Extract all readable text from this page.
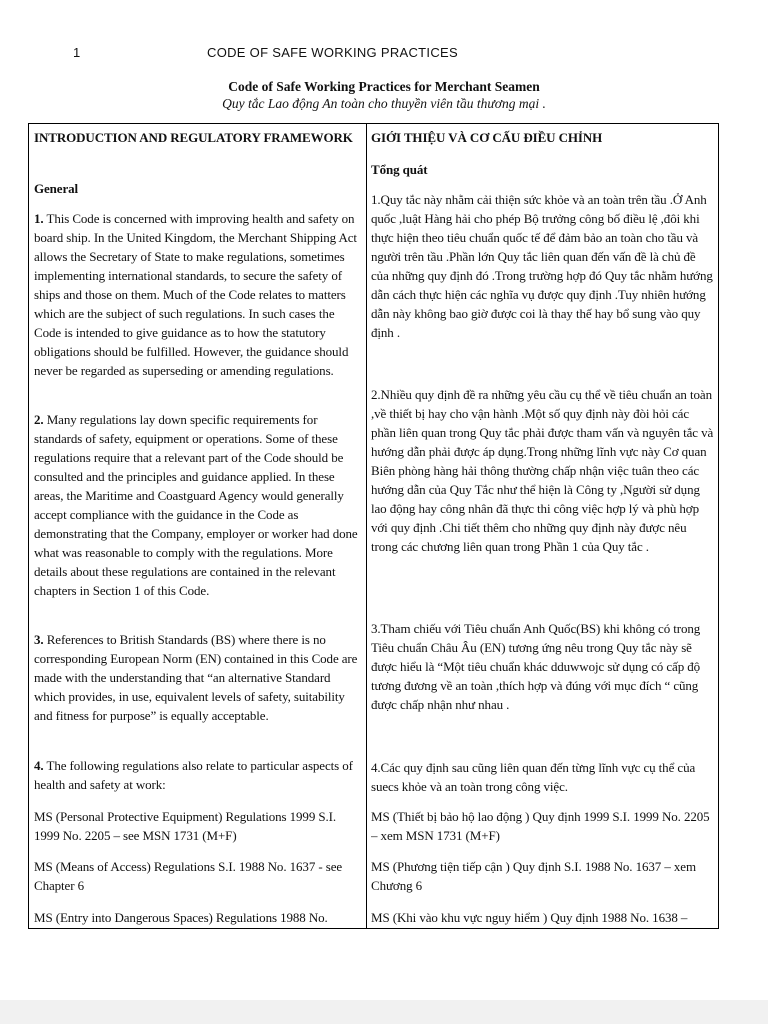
1	CODE OF SAFE WORKING PRACTICES
Code of Safe Working Practices for Merchant Seamen
Quy tắc Lao động An toàn cho thuyền viên tầu thương mại .

INTRODUCTION AND REGULATORY FRAMEWORK

General

1. This Code is concerned with improving health and safety on board ship. In the United Kingdom, the Merchant Shipping Act allows the Secretary of State to make regulations, sometimes implementing international standards, to secure the safety of ships and those on them. Much of the Code relates to matters which are the subject of such regulations. In such cases the Code is intended to give guidance as to how the statutory obligations should be fulfilled. However, the guidance should never be regarded as superseding or amending regulations.

2. Many regulations lay down specific requirements for standards of safety, equipment or operations. Some of these regulations require that a relevant part of the Code should be consulted and the principles and guidance applied. In these areas, the Maritime and Coastguard Agency would generally accept compliance with the guidance in the Code as demonstrating that the Company, employer or worker had done what was reasonable to comply with the regulations. More details about these regulations are contained in the relevant chapters in Section 1 of this Code.

3. References to British Standards (BS) where there is no corresponding European Norm (EN) contained in this Code are made with the understanding that “an alternative Standard which provides, in use, equivalent levels of safety, suitability and fitness for purpose” is equally acceptable.

4. The following regulations also relate to particular aspects of health and safety at work:

MS (Personal Protective Equipment) Regulations 1999 S.I. 1999 No. 2205 – see MSN 1731 (M+F)

MS (Means of Access) Regulations S.I. 1988 No. 1637 - see Chapter 6

MS (Entry into Dangerous Spaces) Regulations 1988 No.

GIỚI THIỆU VÀ CƠ CẤU ĐIỀU CHỈNH

Tổng quát

1.Quy tắc này nhằm cải thiện sức khỏe và an toàn trên tầu .Ở Anh quốc ,luật Hàng hải cho phép Bộ trưởng công bố điều lệ ,đôi khi thực hiện theo tiêu chuẩn quốc tế để đảm bảo an toàn cho tầu và người trên tầu .Phần lớn Quy tắc liên quan đến vấn đề là chủ đề của những quy định đó .Trong trường hợp đó Quy tắc nhằm hướng dẫn cách thực hiện các nghĩa vụ được quy định .Tuy nhiên hướng dẫn này không bao giờ được coi là thay thế hay bổ sung vào quy định .

2.Nhiều quy định đề ra những yêu cầu cụ thể về tiêu chuẩn an toàn ,về thiết bị hay cho vận hành .Một số quy định này đòi hỏi các phần liên quan trong Quy tắc phải được tham vấn và nguyên tắc và hướng dẫn phải được áp dụng.Trong những lĩnh vực này Cơ quan Biên phòng hàng hải thông thường chấp nhận việc tuân theo các hướng dẫn của Quy Tắc như thể hiện là Công ty ,Người sử dụng lao động hay công nhân đã thực thi công việc hợp lý và phù hợp với quy định .Chi tiết thêm cho những quy định này được nêu trong các chương liên quan trong Phần 1 của Quy tắc .

3.Tham chiếu với Tiêu chuẩn Anh Quốc(BS) khi không có trong Tiêu chuẩn Châu Âu (EN) tương ứng nêu trong Quy tắc này sẽ được hiểu là “Một tiêu chuẩn khác dduwwojc sử dụng có cấp độ tương đương về an toàn ,thích hợp và đúng với mục đích “ cũng được chấp nhận như nhau .

4.Các quy định sau cũng liên quan đến từng lĩnh vực cụ thể của suecs khỏe và an toàn trong công việc.

MS (Thiết bị bảo hộ lao động ) Quy định 1999 S.I. 1999 No. 2205 – xem MSN 1731 (M+F)

MS (Phương tiện tiếp cận ) Quy định S.I. 1988 No. 1637 – xem Chương 6

MS (Khi vào khu vực nguy hiểm ) Quy định 1988 No. 1638 –
